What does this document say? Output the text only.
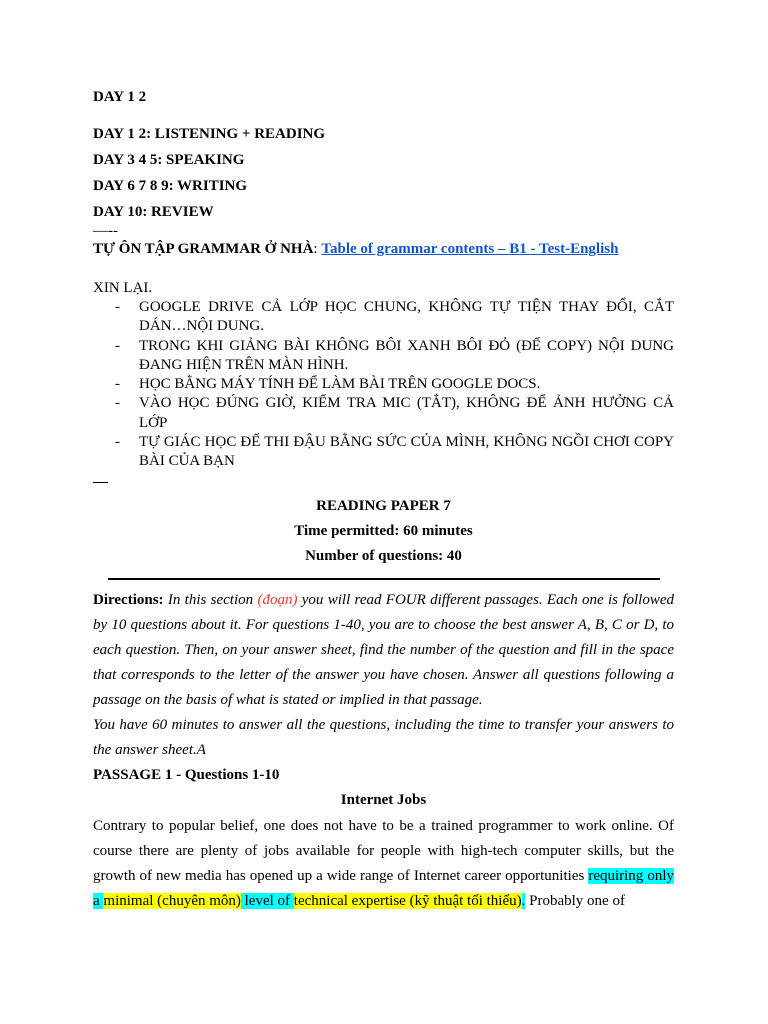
DAY 1 2
DAY 1 2: LISTENING + READING
DAY 3 4 5: SPEAKING
DAY 6 7 8 9: WRITING
DAY 10: REVIEW
—--
TỰ ÔN TẬP GRAMMAR Ở NHÀ: Table of grammar contents – B1 - Test-English
XIN LẠI.
- GOOGLE DRIVE CẢ LỚP HỌC CHUNG, KHÔNG TỰ TIỆN THAY ĐỔI, CẮT DÁN…NỘI DUNG.
- TRONG KHI GIẢNG BÀI KHÔNG BÔI XANH BÔI ĐỎ (ĐỂ COPY) NỘI DUNG ĐANG HIỆN TRÊN MÀN HÌNH.
- HỌC BẰNG MÁY TÍNH ĐỂ LÀM BÀI TRÊN GOOGLE DOCS.
- VÀO HỌC ĐÚNG GIỜ, KIỂM TRA MIC (TẮT), KHÔNG ĐỂ ẢNH HƯỞNG CẢ LỚP
- TỰ GIÁC HỌC ĐỂ THI ĐẬU BẰNG SỨC CỦA MÌNH, KHÔNG NGỒI CHƠI COPY BÀI CỦA BẠN
—
READING PAPER 7
Time permitted: 60 minutes
Number of questions: 40
Directions: In this section (đoạn) you will read FOUR different passages. Each one is followed by 10 questions about it. For questions 1-40, you are to choose the best answer A, B, C or D, to each question. Then, on your answer sheet, find the number of the question and fill in the space that corresponds to the letter of the answer you have chosen. Answer all questions following a passage on the basis of what is stated or implied in that passage.
You have 60 minutes to answer all the questions, including the time to transfer your answers to the answer sheet.A
PASSAGE 1 - Questions 1-10
Internet Jobs
Contrary to popular belief, one does not have to be a trained programmer to work online. Of course there are plenty of jobs available for people with high-tech computer skills, but the growth of new media has opened up a wide range of Internet career opportunities requiring only a minimal (chuyên môn) level of technical expertise (kỹ thuật tối thiểu). Probably one of
